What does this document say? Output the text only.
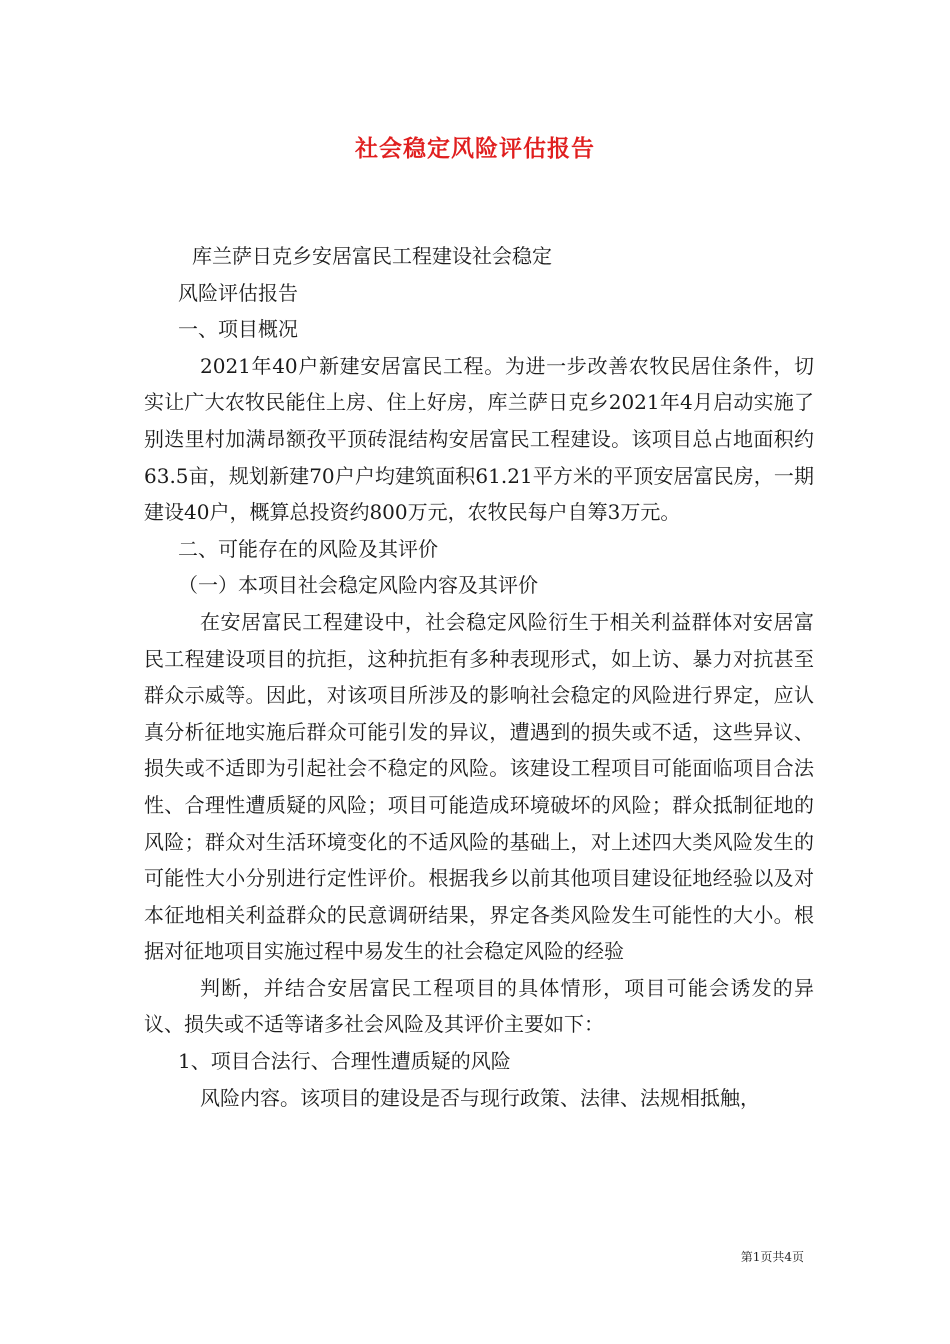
社会稳定风险评估报告

库兰萨日克乡安居富民工程建设社会稳定

风险评估报告

一、项目概况

2021年40户新建安居富民工程。为进一步改善农牧民居住条件，切实让广大农牧民能住上房、住上好房，库兰萨日克乡2021年4月启动实施了别迭里村加满昂额孜平顶砖混结构安居富民工程建设。该项目总占地面积约63.5亩，规划新建70户户均建筑面积61.21平方米的平顶安居富民房，一期建设40户，概算总投资约800万元，农牧民每户自筹3万元。

二、可能存在的风险及其评价

（一）本项目社会稳定风险内容及其评价

在安居富民工程建设中，社会稳定风险衍生于相关利益群体对安居富民工程建设项目的抗拒，这种抗拒有多种表现形式，如上访、暴力对抗甚至群众示威等。因此，对该项目所涉及的影响社会稳定的风险进行界定，应认真分析征地实施后群众可能引发的异议，遭遇到的损失或不适，这些异议、损失或不适即为引起社会不稳定的风险。该建设工程项目可能面临项目合法性、合理性遭质疑的风险；项目可能造成环境破坏的风险；群众抵制征地的风险；群众对生活环境变化的不适风险的基础上，对上述四大类风险发生的可能性大小分别进行定性评价。根据我乡以前其他项目建设征地经验以及对本征地相关利益群众的民意调研结果，界定各类风险发生可能性的大小。根据对征地项目实施过程中易发生的社会稳定风险的经验

判断，并结合安居富民工程项目的具体情形，项目可能会诱发的异议、损失或不适等诸多社会风险及其评价主要如下：

1、项目合法行、合理性遭质疑的风险

风险内容。该项目的建设是否与现行政策、法律、法规相抵触，

第1页共4页
